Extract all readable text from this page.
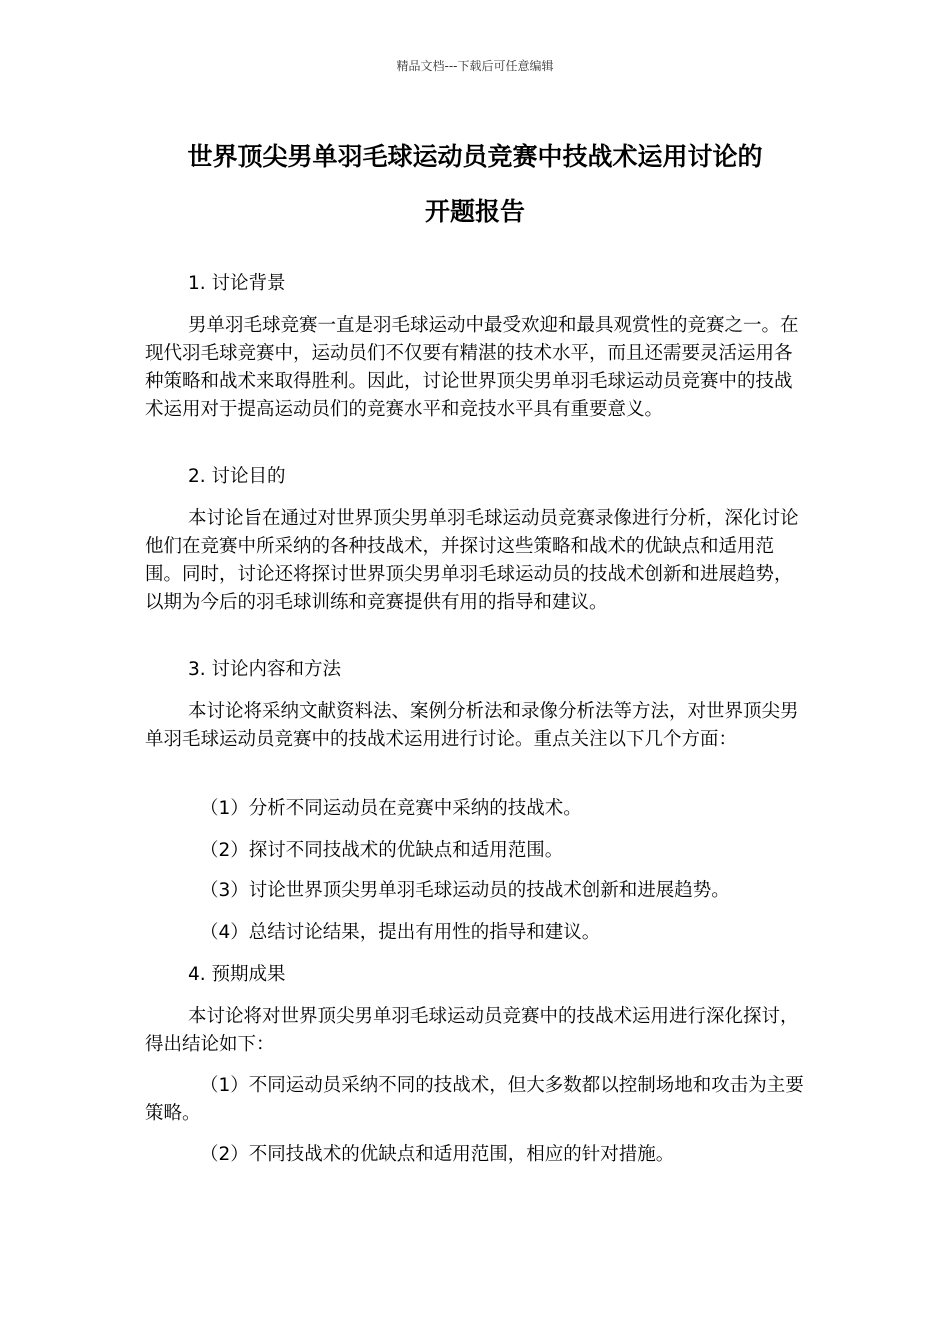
精品文档---下载后可任意编辑
世界顶尖男单羽毛球运动员竞赛中技战术运用讨论的
开题报告

1. 讨论背景

男单羽毛球竞赛一直是羽毛球运动中最受欢迎和最具观赏性的竞赛之一。在现代羽毛球竞赛中，运动员们不仅要有精湛的技术水平，而且还需要灵活运用各种策略和战术来取得胜利。因此，讨论世界顶尖男单羽毛球运动员竞赛中的技战术运用对于提高运动员们的竞赛水平和竞技水平具有重要意义。

2. 讨论目的

本讨论旨在通过对世界顶尖男单羽毛球运动员竞赛录像进行分析，深化讨论他们在竞赛中所采纳的各种技战术，并探讨这些策略和战术的优缺点和适用范围。同时，讨论还将探讨世界顶尖男单羽毛球运动员的技战术创新和进展趋势，以期为今后的羽毛球训练和竞赛提供有用的指导和建议。

3. 讨论内容和方法

本讨论将采纳文献资料法、案例分析法和录像分析法等方法，对世界顶尖男单羽毛球运动员竞赛中的技战术运用进行讨论。重点关注以下几个方面：

（1）分析不同运动员在竞赛中采纳的技战术。

（2）探讨不同技战术的优缺点和适用范围。

（3）讨论世界顶尖男单羽毛球运动员的技战术创新和进展趋势。

（4）总结讨论结果，提出有用性的指导和建议。

4. 预期成果

本讨论将对世界顶尖男单羽毛球运动员竞赛中的技战术运用进行深化探讨，得出结论如下：

（1）不同运动员采纳不同的技战术，但大多数都以控制场地和攻击为主要策略。

（2）不同技战术的优缺点和适用范围，相应的针对措施。
